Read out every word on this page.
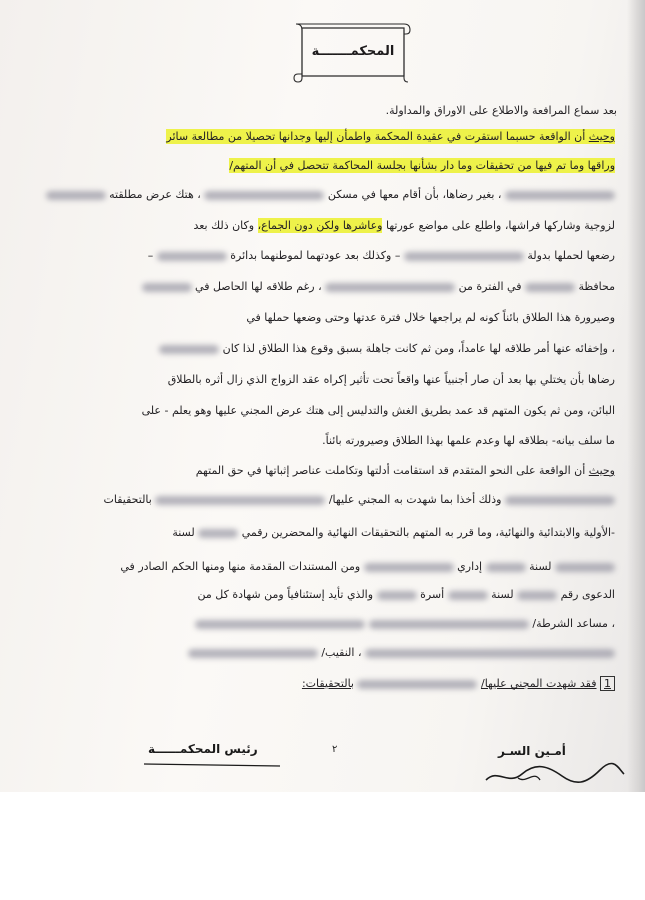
المحكمـــــــة
بعد سماع المرافعة والاطلاع على الاوراق والمداولة.
وحيث أن الواقعة حسبما استقرت في عقيدة المحكمة واطمأن إليها وجدانها تحصيلا من مطالعة سائر
وراقها وما تم فيها من تحقيقات وما دار بشأنها بجلسة المحاكمة تتحصل في أن المتهم/
، بغير رضاها، بأن أقام معها في مسكن  ، هتك عرض مطلقته
لزوجية وشاركها فراشها، واطلع على مواضع عورتها وعاشرها ولكن دون الجماع، وكان ذلك بعد
رضعها لحملها بدولة  – وكذلك بعد عودتهما لموطنهما بدائرة  –
محافظة  في الفترة من  ، رغم طلاقه لها الحاصل في
وصيرورة هذا الطلاق بائناً كونه لم يراجعها خلال فترة عدتها وحتى وضعها حملها في
، وإخفائه عنها أمر طلاقه لها عامداً، ومن ثم كانت جاهلة بسبق وقوع هذا الطلاق لذا كان
رضاها بأن يختلي بها بعد أن صار أجنبياً عنها واقعاً تحت تأثير إكراه عقد الزواج الذي زال أثره بالطلاق
البائن، ومن ثم يكون المتهم قد عمد بطريق الغش والتدليس إلى هتك عرض المجني عليها وهو يعلم - على
ما سلف بيانه- بطلاقه لها وعدم علمها بهذا الطلاق وصيرورته بائناً.
وحيث أن الواقعة على النحو المتقدم قد استقامت أدلتها وتكاملت عناصر إثباتها في حق المتهم
وذلك أخذا بما شهدت به المجني عليها/  بالتحقيقات
-الأولية والابتدائية والنهائية، وما قرر به المتهم بالتحقيقات النهائية والمحضرين رقمي  لسنة
لسنة  إداري  ومن المستندات المقدمة منها ومنها الحكم الصادر في
الدعوى رقم  لسنة  أسرة  والذي تأيد إستئنافياً ومن شهادة كل من
، مساعد الشرطة/
، النقيب/
1 فقد شهدت المجني عليها/  بالتحقيقات:
٢	أمـين السـر
رئيس المحكمــــــة
